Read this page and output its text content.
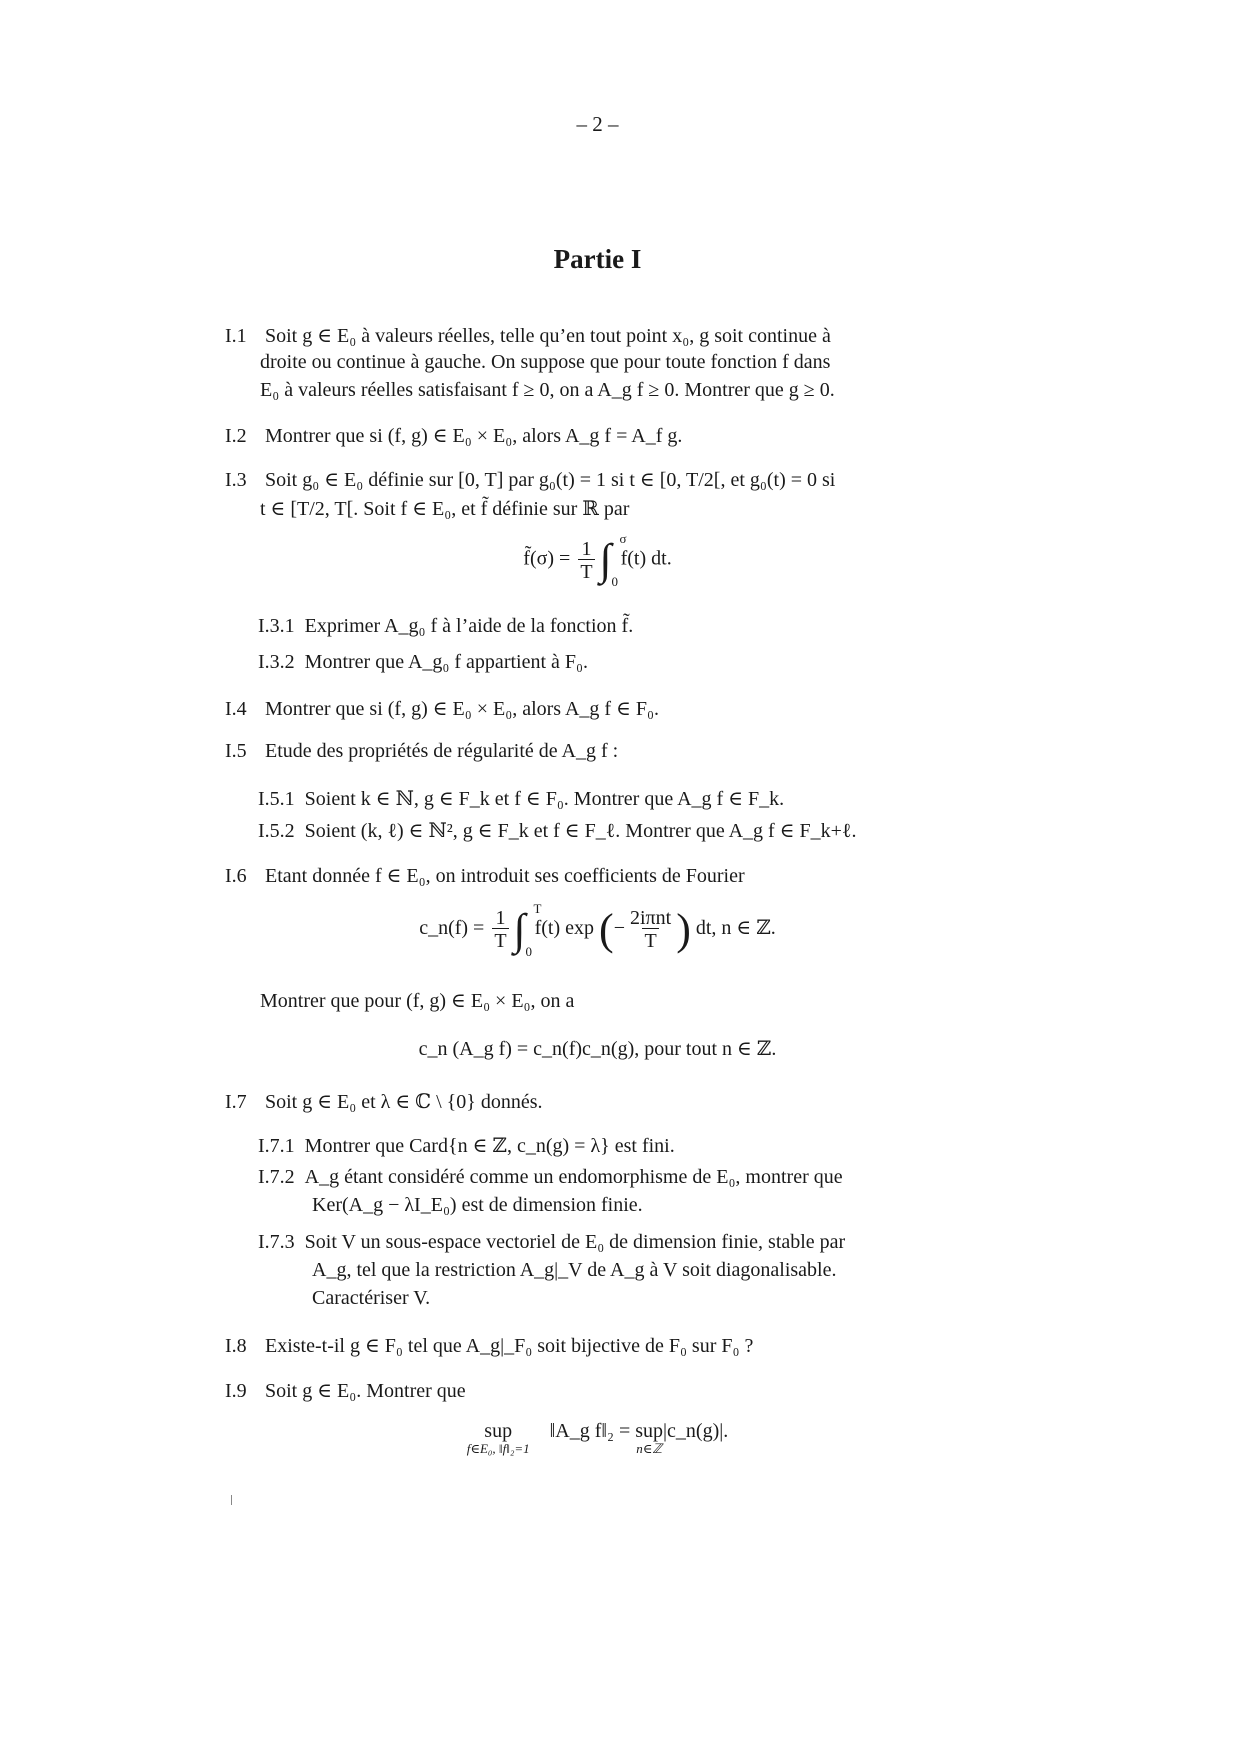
– 2 –
Partie I
I.1 Soit g ∈ E₀ à valeurs réelles, telle qu’en tout point x₀, g soit continue à
droite ou continue à gauche. On suppose que pour toute fonction f dans
E₀ à valeurs réelles satisfaisant f ≥ 0, on a A_g f ≥ 0. Montrer que g ≥ 0.
I.2 Montrer que si (f, g) ∈ E₀ × E₀, alors A_g f = A_f g.
I.3 Soit g₀ ∈ E₀ définie sur [0, T] par g₀(t) = 1 si t ∈ [0, T/2[, et g₀(t) = 0 si
t ∈ [T/2, T[. Soit f ∈ E₀, et f̃ définie sur ℝ par
f̃(σ) = $\frac{1}{T}$ ∫ σ
0
f(t) dt.
I.3.1 Exprimer A_g₀ f à l’aide de la fonction f̃.
I.3.2 Montrer que A_g₀ f appartient à F₀.
I.4 Montrer que si (f, g) ∈ E₀ × E₀, alors A_g f ∈ F₀.
I.5 Etude des propriétés de régularité de A_g f :
I.5.1 Soient k ∈ ℕ, g ∈ F_k et f ∈ F₀. Montrer que A_g f ∈ F_k.
I.5.2 Soient (k, ℓ) ∈ ℕ², g ∈ F_k et f ∈ F_ℓ. Montrer que A_g f ∈ F_k+ℓ.
I.6 Etant donnée f ∈ E₀, on introduit ses coefficients de Fourier
c_n(f) = $\frac{1}{T}$ ∫ T
0
f(t) exp (− $\frac{\text{2iπnt}}{T}$ ) dt, n ∈ ℤ.
Montrer que pour (f, g) ∈ E₀ × E₀, on a
c_n (A_g f) = c_n(f)c_n(g), pour tout n ∈ ℤ.
I.7 Soit g ∈ E₀ et λ ∈ ℂ \ {0} donnés.
I.7.1 Montrer que Card{n ∈ ℤ, c_n(g) = λ} est fini.
I.7.2 A_g étant considéré comme un endomorphisme de E₀, montrer que
Ker(A_g − λI_E₀) est de dimension finie.
I.7.3 Soit V un sous-espace vectoriel de E₀ de dimension finie, stable par
A_g, tel que la restriction A_g|_V de A_g à V soit diagonalisable.
Caractériser V.
I.8 Existe-t-il g ∈ F₀ tel que A_g|_F₀ soit bijective de F₀ sur F₀ ?
I.9 Soit g ∈ E₀. Montrer que
sup
f∈E₀, ‖f‖₂=1
‖A_g f‖₂ = sup
n∈ℤ
|c_n(g)|.
